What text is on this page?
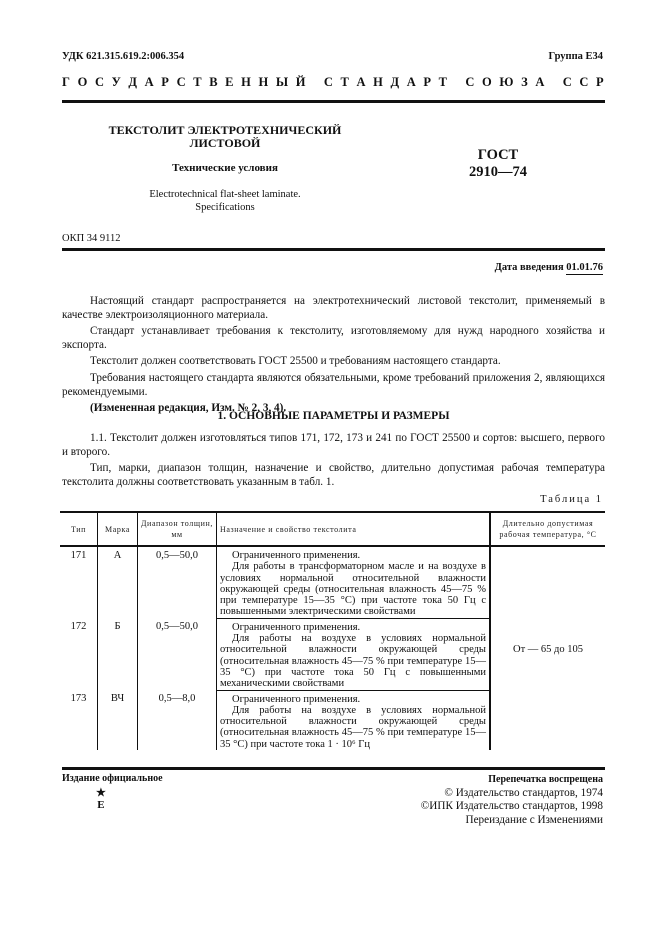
УДК 621.315.619.2:006.354	Группа Е34
Г О С У Д А Р С Т В Е Н Н Ы Й
С Т А Н Д А Р Т
С О Ю З А
С С Р
ТЕКСТОЛИТ ЭЛЕКТРОТЕХНИЧЕСКИЙ
ЛИСТОВОЙ
Технические условия
Electrotechnical flat-sheet laminate.
Specifications
ГОСТ
2910—74
ОКП 34 9112
Дата введения 01.01.76

Настоящий стандарт распространяется на электротехнический листовой текстолит, применяемый в качестве электроизоляционного материала.

Стандарт устанавливает требования к текстолиту, изготовляемому для нужд народного хозяйства и экспорта.

Текстолит должен соответствовать ГОСТ 25500 и требованиям настоящего стандарта.

Требования настоящего стандарта являются обязательными, кроме требований приложения 2, являющихся рекомендуемыми.

(Измененная редакция, Изм. № 2, 3, 4).

1. ОСНОВНЫЕ ПАРАМЕТРЫ И РАЗМЕРЫ

1.1. Текстолит должен изготовляться типов 171, 172, 173 и 241 по ГОСТ 25500 и сортов: высшего, первого и второго.

Тип, марки, диапазон толщин, назначение и свойство, длительно допустимая рабочая температура текстолита должны соответствовать указанным в табл. 1.

Таблица 1
Тип	Марка	Диапазон толщин, мм	Назначение и свойство текстолита	Длительно допустимая рабочая температура, °С
171	А	0,5—50,0	Ограниченного применения.
Для работы в трансформаторном масле и на воздухе в условиях нормальной относительной влажности окружающей среды (относительная влажность 45—75 % при температуре 15—35 °С) при частоте тока 50 Гц с повышенными электрическими свойствами	От — 65 до 105
172	Б	0,5—50,0	Ограниченного применения.
Для работы на воздухе в условиях нормальной относительной влажности окружающей среды (относительная влажность 45—75 % при температуре 15—35 °С) при частоте тока 50 Гц с повышенными механическими свойствами	

173	ВЧ	0,5—8,0	Ограниченного применения.
Для работы на воздухе в условиях нормальной относительной влажности окружающей среды (относительная влажность 45—75 % при температуре 15—35 °С) при частоте тока 1 · 10⁶ Гц	
Издание официальное
★
Е
Перепечатка воспрещена
© Издательство стандартов, 1974
©ИПК Издательство стандартов, 1998
Переиздание с Изменениями
